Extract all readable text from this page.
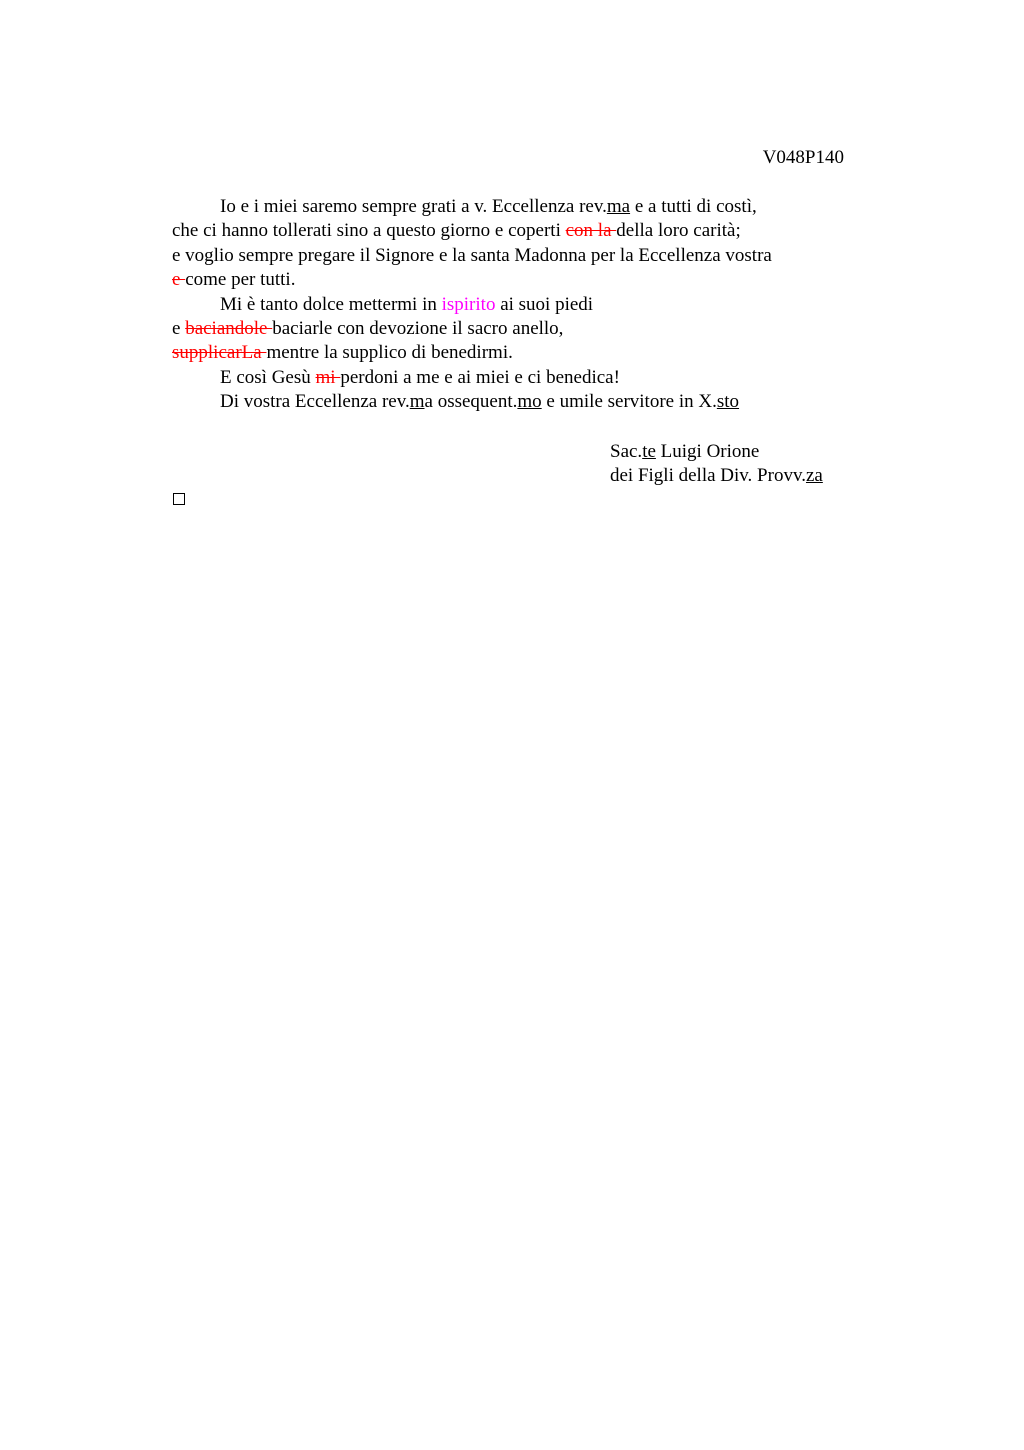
V048P140
Io e i miei saremo sempre grati a v. Eccellenza rev.ma e a tutti di costì,
che ci hanno tollerati sino a questo giorno e coperti con la della loro carità;
e voglio sempre pregare il Signore e la santa Madonna per la Eccellenza vostra
e come per tutti.
Mi è tanto dolce mettermi in ispirito ai suoi piedi
e baciandole baciarle con devozione il sacro anello,
supplicarLa mentre la supplico di benedirmi.
E così Gesù mi perdoni a me e ai miei e ci benedica!
Di vostra Eccellenza rev.ma ossequent.mo e umile servitore in X.sto
Sac.te Luigi Orione
dei Figli della Div. Provv.za
